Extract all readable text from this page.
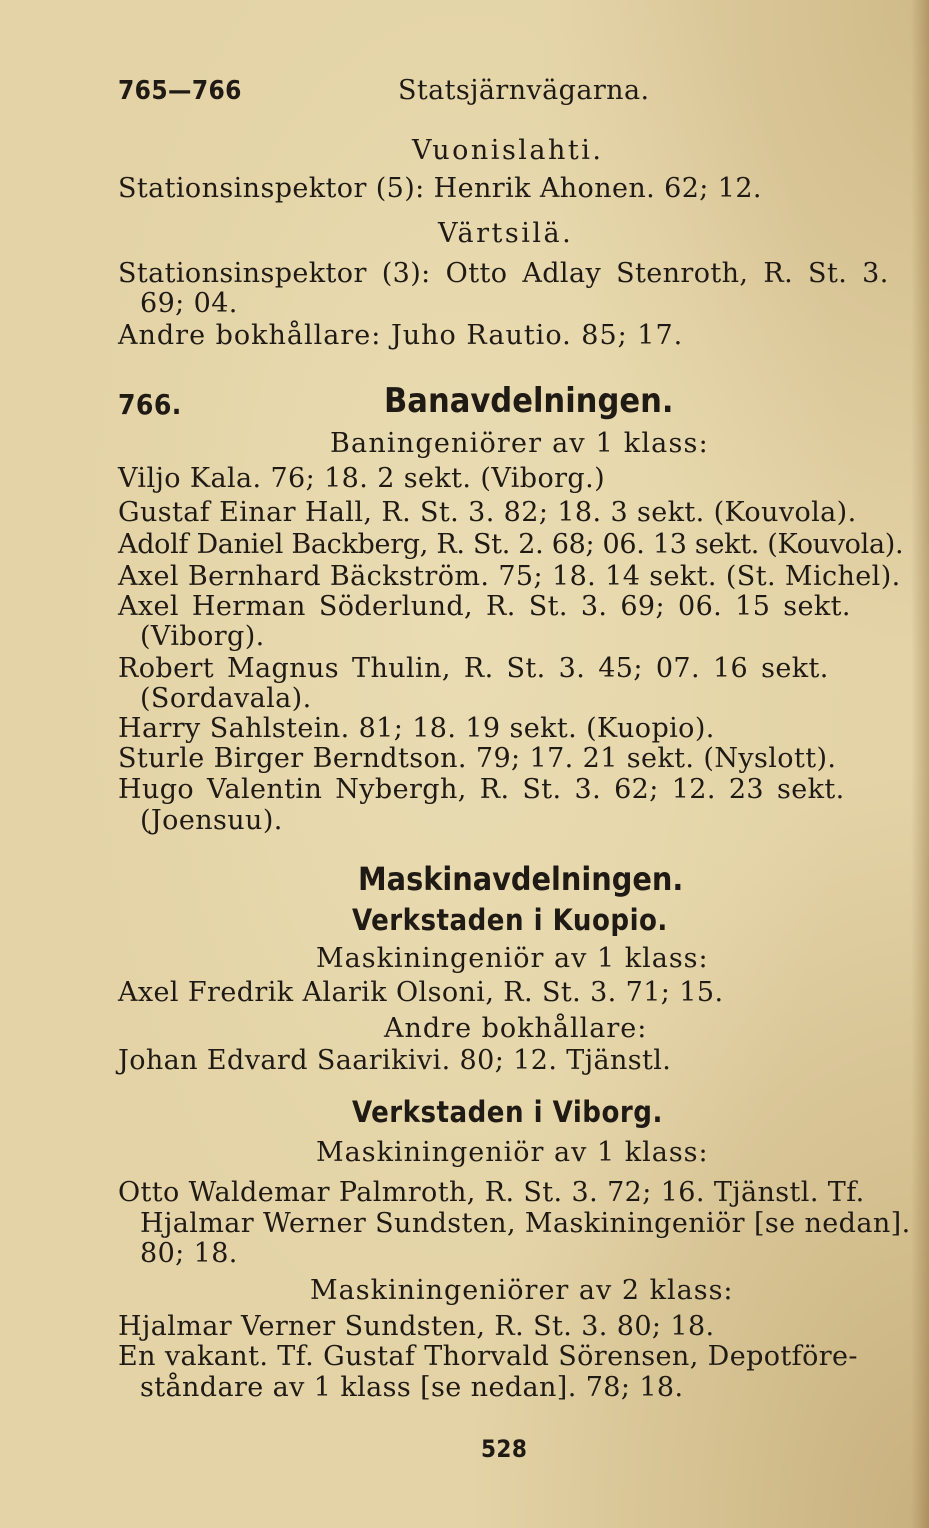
765—766	Statsjärnvägarna.
Vuonislahti.
Stationsinspektor (5): Henrik Ahonen. 62; 12.
Värtsilä.
Stationsinspektor (3): Otto Adlay Stenroth, R. St. 3.
69; 04.
Andre bokhållare: Juho Rautio. 85; 17.
766.	Banavdelningen.
Baningeniörer av 1 klass:
Viljo Kala. 76; 18. 2 sekt. (Viborg.)
Gustaf Einar Hall, R. St. 3. 82; 18. 3 sekt. (Kouvola).
Adolf Daniel Backberg, R. St. 2. 68; 06. 13 sekt. (Kouvola).
Axel Bernhard Bäckström. 75; 18. 14 sekt. (St. Michel).
Axel Herman Söderlund, R. St. 3. 69; 06. 15 sekt.
(Viborg).
Robert Magnus Thulin, R. St. 3. 45; 07. 16 sekt.
(Sordavala).
Harry Sahlstein. 81; 18. 19 sekt. (Kuopio).
Sturle Birger Berndtson. 79; 17. 21 sekt. (Nyslott).
Hugo Valentin Nybergh, R. St. 3. 62; 12. 23 sekt.
(Joensuu).
Maskinavdelningen.
Verkstaden i Kuopio.
Maskiningeniör av 1 klass:
Axel Fredrik Alarik Olsoni, R. St. 3. 71; 15.
Andre bokhållare:
Johan Edvard Saarikivi. 80; 12. Tjänstl.
Verkstaden i Viborg.
Maskiningeniör av 1 klass:
Otto Waldemar Palmroth, R. St. 3. 72; 16. Tjänstl. Tf.
Hjalmar Werner Sundsten, Maskiningeniör [se nedan].
80; 18.
Maskiningeniörer av 2 klass:
Hjalmar Verner Sundsten, R. St. 3. 80; 18.
En vakant. Tf. Gustaf Thorvald Sörensen, Depotföre-
ståndare av 1 klass [se nedan]. 78; 18.
528
